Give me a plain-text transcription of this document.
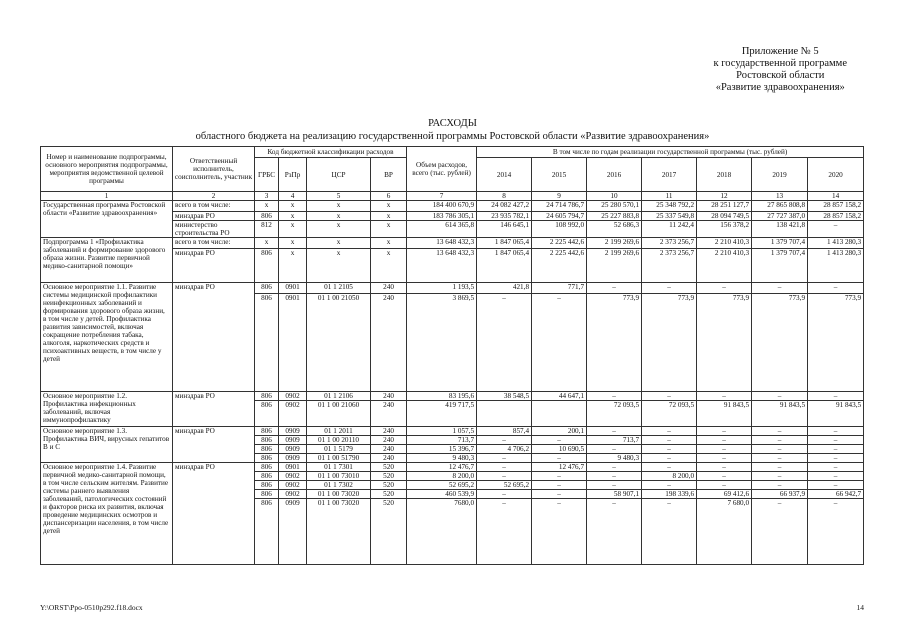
Приложение № 5
к государственной программе
Ростовской области
«Развитие здравоохранения»
РАСХОДЫ
областного бюджета на реализацию государственной программы Ростовской области «Развитие здравоохранения»
Номер и наименование подпрограммы, основного мероприятия подпрограммы, мероприятия ведомственной целевой программы	Ответственный исполнитель, соисполнитель, участник	Код бюджетной классификации расходов				Объем расходов, всего (тыс. рублей)	В том числе по годам реализации государственной программы (тыс. рублей)						
		ГРБС	РзПр	ЦСР	ВР		2014	2015	2016	2017	2018	2019	2020
1	2	3	4	5	6	7	8	9	10	11	12	13	14
Государственная программа Ростовской области «Развитие здравоохранения»	всего в том числе:	x	x	x	x	184 400 670,9	24 082 427,2	24 714 786,7	25 280 570,1	25 348 792,2	28 251 127,7	27 865 808,8	28 857 158,2
	минздрав РО	806	x	x	x	183 786 305,1	23 935 782,1	24 605 794,7	25 227 883,8	25 337 549,8	28 094 749,5	27 727 387,0	28 857 158,2
	министерство строительства РО	812	x	x	x	614 365,8	146 645,1	108 992,0	52 686,3	11 242,4	156 378,2	138 421,8	–
Подпрограмма 1 «Профилактика заболеваний и формирование здорового образа жизни. Развитие первичной медико-санитарной помощи»	всего в том числе:	x	x	x	x	13 648 432,3	1 847 065,4	2 225 442,6	2 199 269,6	2 373 256,7	2 210 410,3	1 379 707,4	1 413 280,3
	минздрав РО	806	x	x	x	13 648 432,3	1 847 065,4	2 225 442,6	2 199 269,6	2 373 256,7	2 210 410,3	1 379 707,4	1 413 280,3
Основное мероприятие 1.1. Развитие системы медицинской профилактики неинфекционных заболеваний и формирования здорового образа жизни, в том числе у детей. Профилактика развития зависимостей, включая сокращение потребления табака, алкоголя, наркотических средств и психоактивных веществ, в том числе у детей	минздрав РО	806	0901	01 1 2105	240	1 193,5	421,8	771,7	–	–	–	–	–
		806	0901	01 1 00 21050	240	3 869,5	–	–	773,9	773,9	773,9	773,9	773,9
Основное мероприятие 1.2. Профилактика инфекционных заболеваний, включая иммунопрофилактику	минздрав РО	806	0902	01 1 2106	240	83 195,6	38 548,5	44 647,1	–	–	–	–	–
		806	0902	01 1 00 21060	240	419 717,5			72 093,5	72 093,5	91 843,5	91 843,5	91 843,5
Основное мероприятие 1.3. Профилактика ВИЧ, вирусных гепатитов В и С	минздрав РО	806	0909	01 1 2011	240	1 057,5	857,4	200,1	–	–	–	–	–
		806	0909	01 1 00 20110	240	713,7	–	–	713,7	–	–	–	–
		806	0909	01 1 5179	240	15 396,7	4 706,2	10 690,5	–	–	–	–	–
		806	0909	01 1 00 51790	240	9 480,3	–	–	9 480,3	–	–	–	–
Основное мероприятие 1.4. Развитие первичной медико-санитарной помощи, в том числе сельским жителям. Развитие системы раннего выявления заболеваний, патологических состояний и факторов риска их развития, включая проведение медицинских осмотров и диспансеризации населения, в том числе детей	минздрав РО	806	0901	01 1 7301	520	12 476,7	–	12 476,7	–	–	–	–	–
		806	0902	01 1 00 73010	520	8 200,0	–	–	–	8 200,0	–	–	–
		806	0902	01 1 7302	520	52 695,2	52 695,2	–	–	–	–	–	–
		806	0902	01 1 00 73020	520	460 539,9	–	–	58 907,1	198 339,6	69 412,6	66 937,9	66 942,7
		806	0909	01 1 00 73020	520	7680,0	–	–	–	–	7 680,0	–	–
Y:\ORST\Ppo-0510p292.f18.docx	14
